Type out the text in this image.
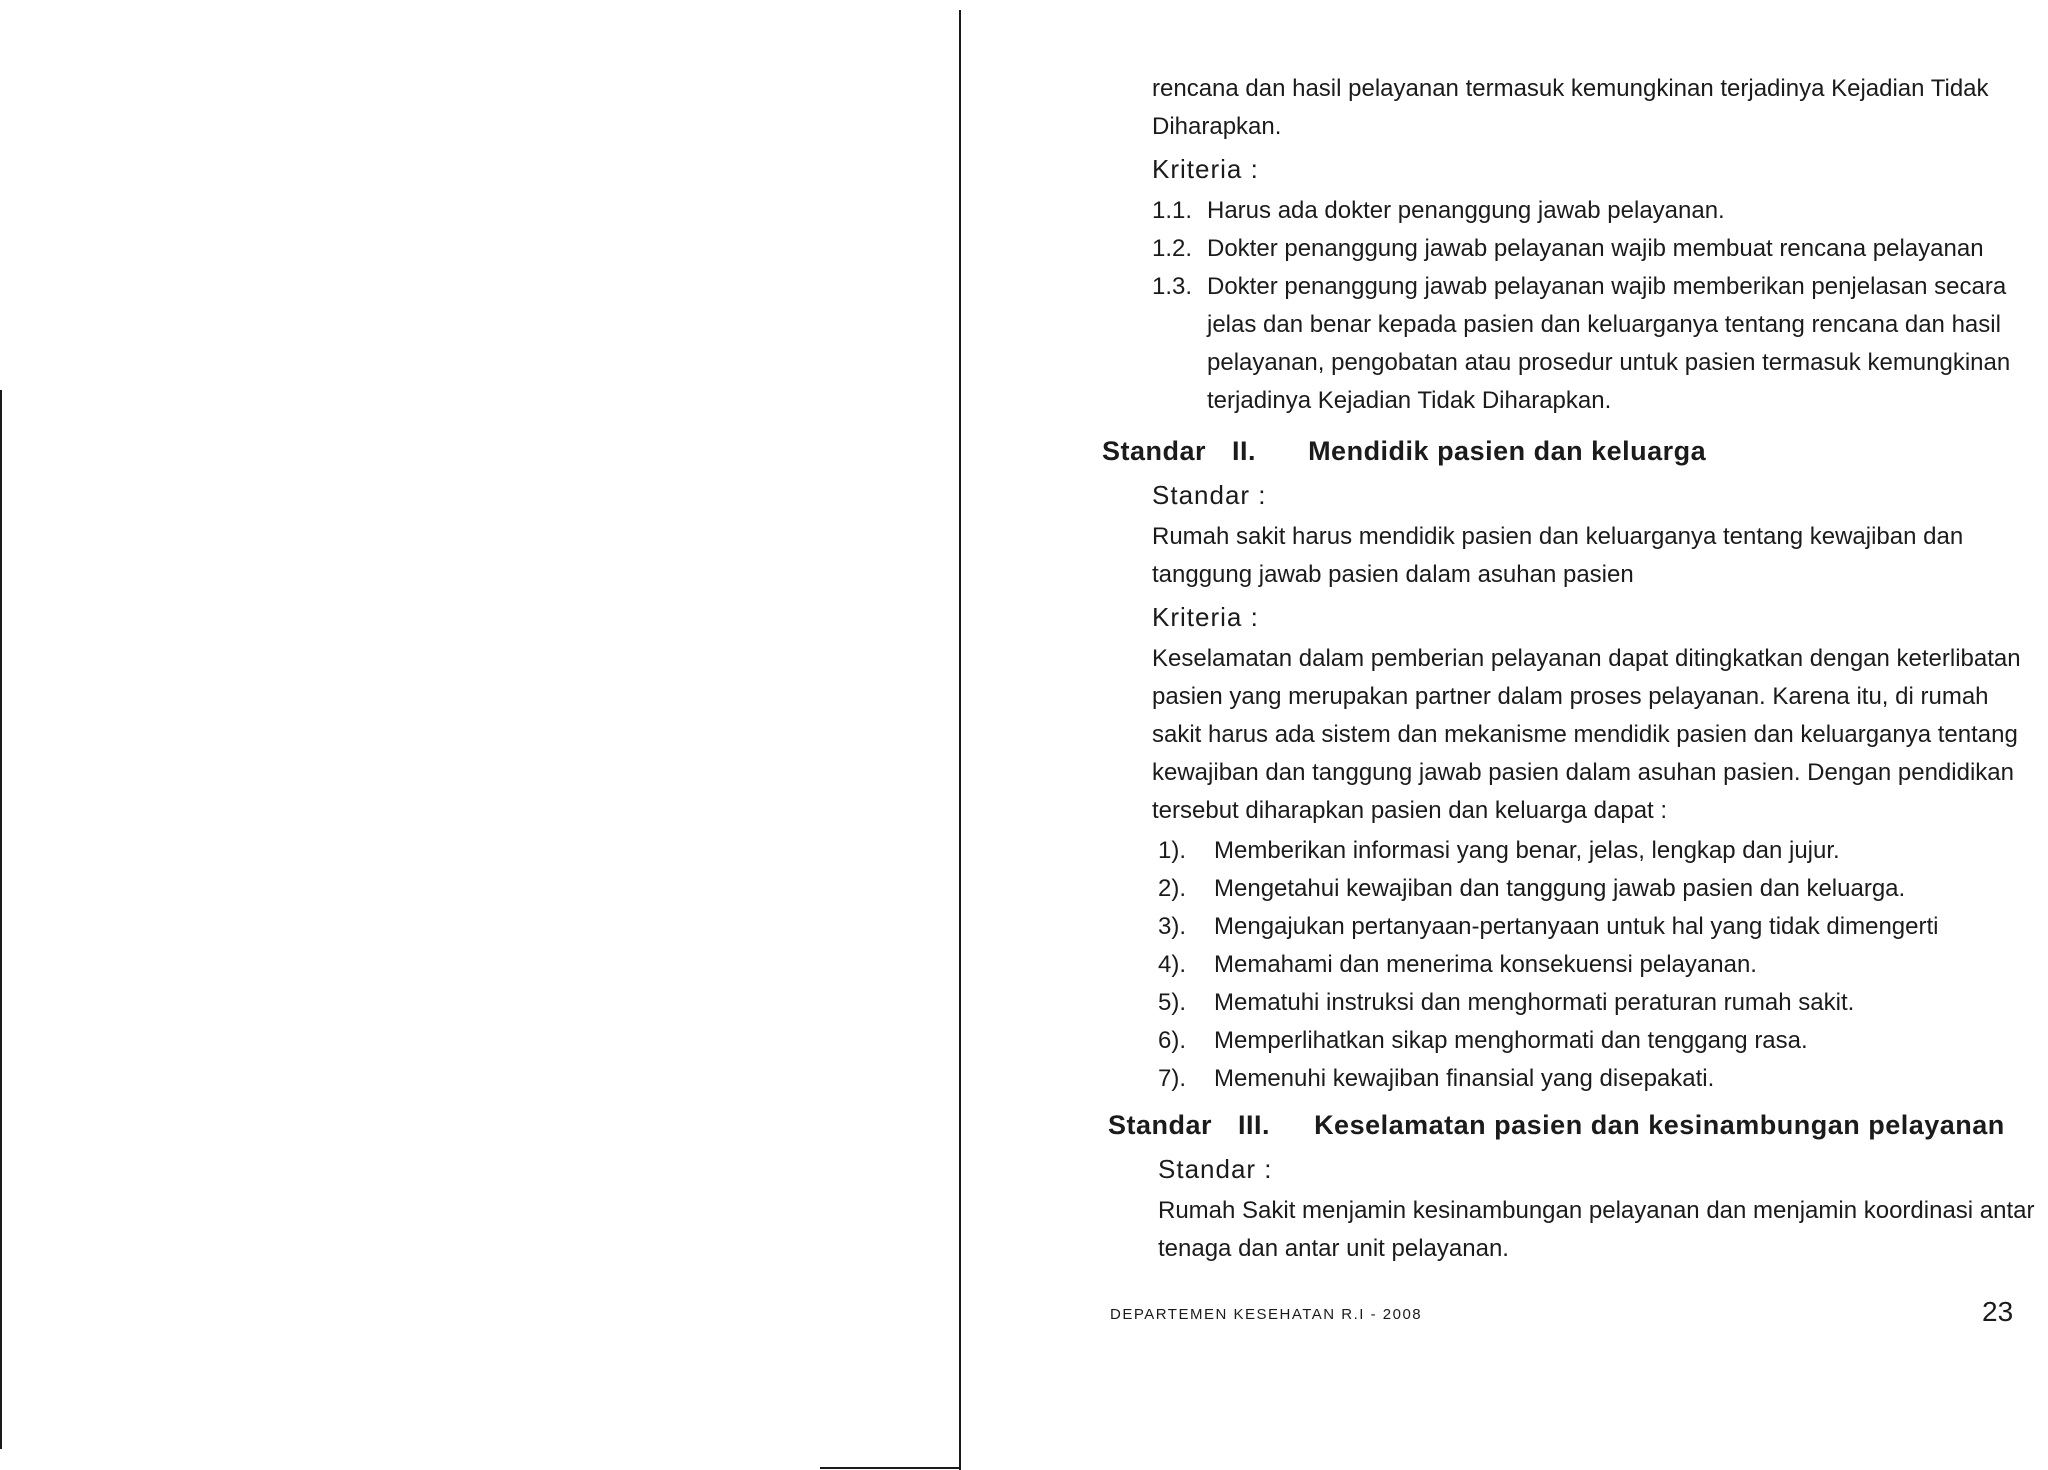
rencana dan hasil pelayanan termasuk kemungkinan terjadinya Kejadian Tidak
Diharapkan.
Kriteria :
1.1. Harus ada dokter penanggung jawab pelayanan.
1.2. Dokter penanggung jawab pelayanan wajib membuat rencana pelayanan
1.3. Dokter penanggung jawab pelayanan wajib memberikan penjelasan secara
jelas dan benar kepada pasien dan keluarganya tentang rencana dan hasil
pelayanan, pengobatan atau prosedur untuk pasien termasuk kemungkinan
terjadinya Kejadian Tidak Diharapkan.
Standar II. Mendidik pasien dan keluarga
Standar :
Rumah sakit harus mendidik pasien dan keluarganya tentang kewajiban dan
tanggung jawab pasien dalam asuhan pasien
Kriteria :
Keselamatan dalam pemberian pelayanan dapat ditingkatkan dengan keterlibatan
pasien yang merupakan partner dalam proses pelayanan. Karena itu, di rumah
sakit harus ada sistem dan mekanisme mendidik pasien dan keluarganya tentang
kewajiban dan tanggung jawab pasien dalam asuhan pasien. Dengan pendidikan
tersebut diharapkan pasien dan keluarga dapat :
1). Memberikan informasi yang benar, jelas, lengkap dan jujur.
2). Mengetahui kewajiban dan tanggung jawab pasien dan keluarga.
3). Mengajukan pertanyaan-pertanyaan untuk hal yang tidak dimengerti
4). Memahami dan menerima konsekuensi pelayanan.
5). Mematuhi instruksi dan menghormati peraturan rumah sakit.
6). Memperlihatkan sikap menghormati dan tenggang rasa.
7). Memenuhi kewajiban finansial yang disepakati.
Standar III. Keselamatan pasien dan kesinambungan pelayanan
Standar :
Rumah Sakit menjamin kesinambungan pelayanan dan menjamin koordinasi antar
tenaga dan antar unit pelayanan.
DEPARTEMEN KESEHATAN R.I - 2008	23
